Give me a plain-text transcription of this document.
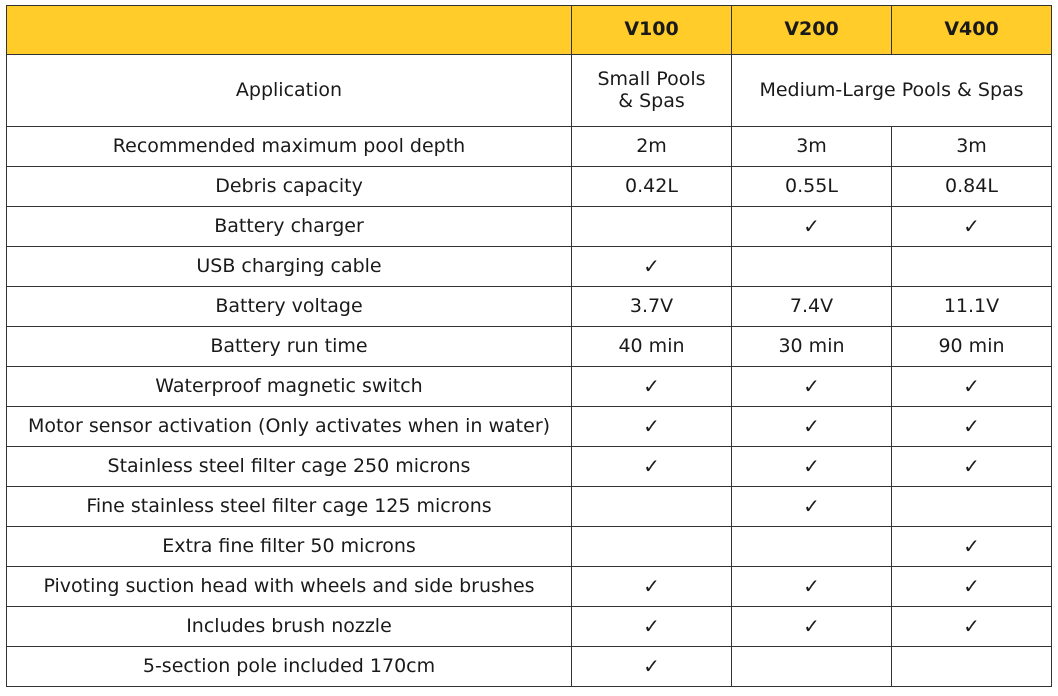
	V100	V200	V400
Application	Small Pools & Spas	Medium-Large Pools & Spas	
Recommended maximum pool depth	2m	3m	3m
Debris capacity	0.42L	0.55L	0.84L
Battery charger		✓	✓
USB charging cable	✓		
Battery voltage	3.7V	7.4V	11.1V
Battery run time	40 min	30 min	90 min
Waterproof magnetic switch	✓	✓	✓
Motor sensor activation (Only activates when in water)	✓	✓	✓
Stainless steel filter cage 250 microns	✓	✓	✓
Fine stainless steel filter cage 125 microns		✓	
Extra fine filter 50 microns			✓
Pivoting suction head with wheels and side brushes	✓	✓	✓
Includes brush nozzle	✓	✓	✓
5-section pole included 170cm	✓		
